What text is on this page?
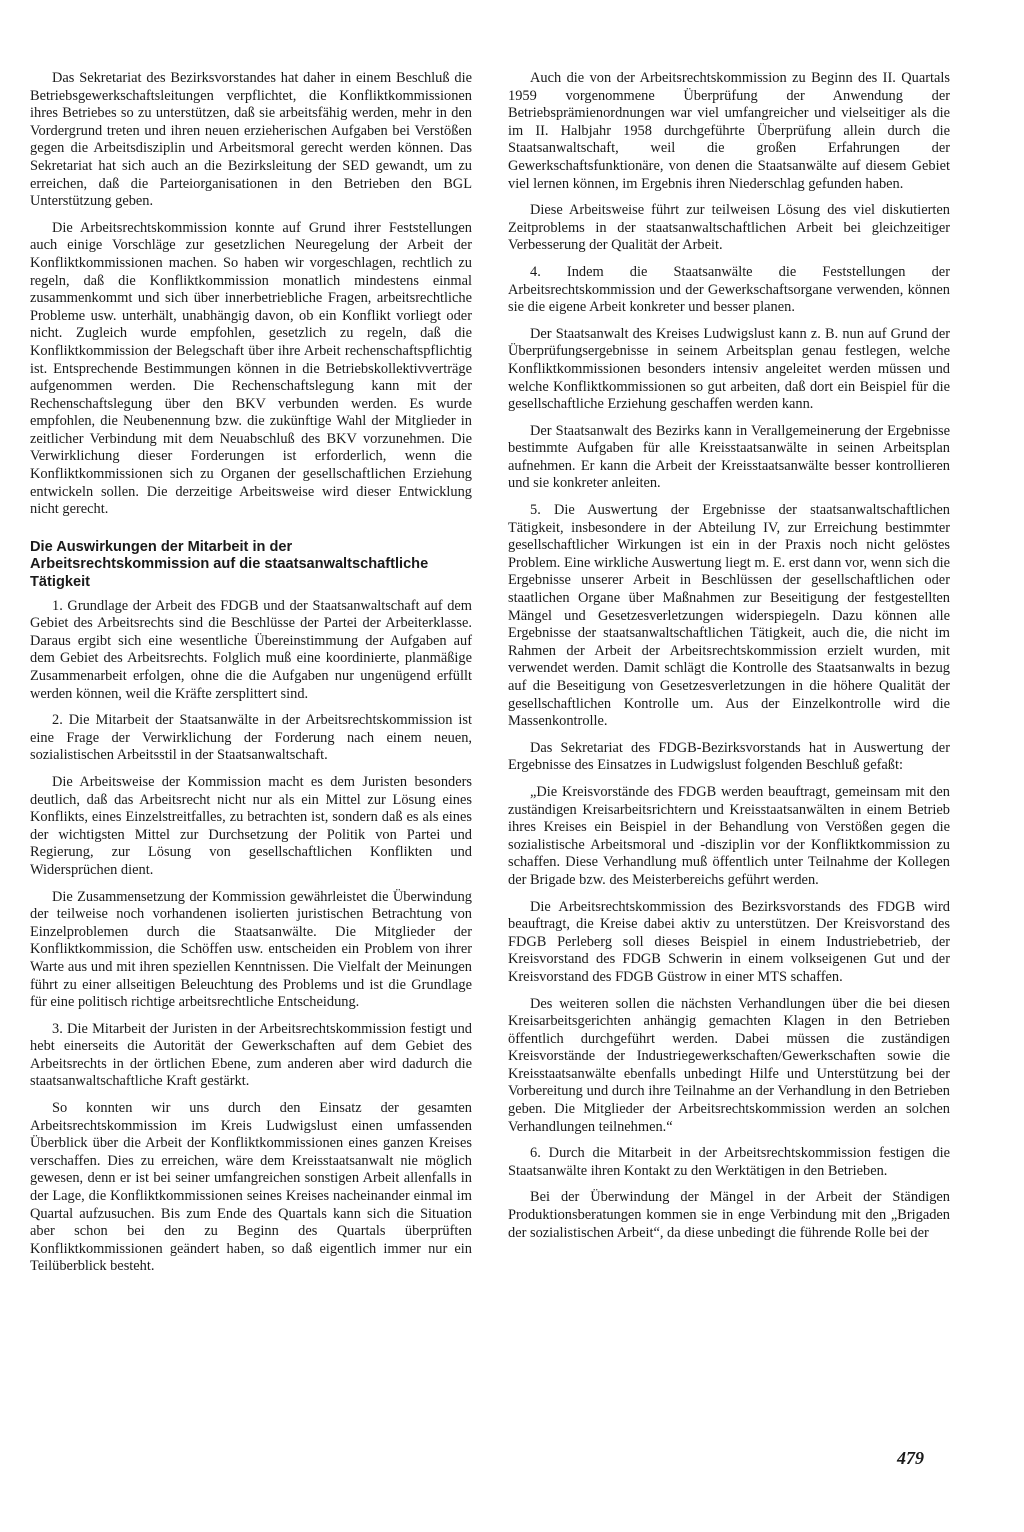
Das Sekretariat des Bezirksvorstandes hat daher in einem Beschluß die Betriebsgewerkschaftsleitungen verpflichtet, die Konfliktkommissionen ihres Betriebes so zu unterstützen, daß sie arbeitsfähig werden, mehr in den Vordergrund treten und ihren neuen erzieherischen Aufgaben bei Verstößen gegen die Arbeitsdisziplin und Arbeitsmoral gerecht werden können. Das Sekretariat hat sich auch an die Bezirksleitung der SED gewandt, um zu erreichen, daß die Parteiorganisationen in den Betrieben den BGL Unterstützung geben.

Die Arbeitsrechtskommission konnte auf Grund ihrer Feststellungen auch einige Vorschläge zur gesetzlichen Neuregelung der Arbeit der Konfliktkommissionen machen. So haben wir vorgeschlagen, rechtlich zu regeln, daß die Konfliktkommission monatlich mindestens einmal zusammenkommt und sich über innerbetriebliche Fragen, arbeitsrechtliche Probleme usw. unterhält, unabhängig davon, ob ein Konflikt vorliegt oder nicht. Zugleich wurde empfohlen, gesetzlich zu regeln, daß die Konfliktkommission der Belegschaft über ihre Arbeit rechenschaftspflichtig ist. Entsprechende Bestimmungen können in die Betriebskollektivverträge aufgenommen werden. Die Rechenschaftslegung kann mit der Rechenschaftslegung über den BKV verbunden werden. Es wurde empfohlen, die Neubenennung bzw. die zukünftige Wahl der Mitglieder in zeitlicher Verbindung mit dem Neuabschluß des BKV vorzunehmen. Die Verwirklichung dieser Forderungen ist erforderlich, wenn die Konfliktkommissionen sich zu Organen der gesellschaftlichen Erziehung entwickeln sollen. Die derzeitige Arbeitsweise wird dieser Entwicklung nicht gerecht.

Die Auswirkungen der Mitarbeit in der Arbeitsrechtskommission auf die staatsanwaltschaftliche Tätigkeit

1. Grundlage der Arbeit des FDGB und der Staatsanwaltschaft auf dem Gebiet des Arbeitsrechts sind die Beschlüsse der Partei der Arbeiterklasse. Daraus ergibt sich eine wesentliche Übereinstimmung der Aufgaben auf dem Gebiet des Arbeitsrechts. Folglich muß eine koordinierte, planmäßige Zusammenarbeit erfolgen, ohne die die Aufgaben nur ungenügend erfüllt werden können, weil die Kräfte zersplittert sind.

2. Die Mitarbeit der Staatsanwälte in der Arbeitsrechtskommission ist eine Frage der Verwirklichung der Forderung nach einem neuen, sozialistischen Arbeitsstil in der Staatsanwaltschaft.

Die Arbeitsweise der Kommission macht es dem Juristen besonders deutlich, daß das Arbeitsrecht nicht nur als ein Mittel zur Lösung eines Konflikts, eines Einzelstreitfalles, zu betrachten ist, sondern daß es als eines der wichtigsten Mittel zur Durchsetzung der Politik von Partei und Regierung, zur Lösung von gesellschaftlichen Konflikten und Widersprüchen dient.

Die Zusammensetzung der Kommission gewährleistet die Überwindung der teilweise noch vorhandenen isolierten juristischen Betrachtung von Einzelproblemen durch die Staatsanwälte. Die Mitglieder der Konfliktkommission, die Schöffen usw. entscheiden ein Problem von ihrer Warte aus und mit ihren speziellen Kenntnissen. Die Vielfalt der Meinungen führt zu einer allseitigen Beleuchtung des Problems und ist die Grundlage für eine politisch richtige arbeitsrechtliche Entscheidung.

3. Die Mitarbeit der Juristen in der Arbeitsrechtskommission festigt und hebt einerseits die Autorität der Gewerkschaften auf dem Gebiet des Arbeitsrechts in der örtlichen Ebene, zum anderen aber wird dadurch die staatsanwaltschaftliche Kraft gestärkt.

So konnten wir uns durch den Einsatz der gesamten Arbeitsrechtskommission im Kreis Ludwigslust einen umfassenden Überblick über die Arbeit der Konfliktkommissionen eines ganzen Kreises verschaffen. Dies zu erreichen, wäre dem Kreisstaatsanwalt nie möglich gewesen, denn er ist bei seiner umfangreichen sonstigen Arbeit allenfalls in der Lage, die Konfliktkommissionen seines Kreises nacheinander einmal im Quartal aufzusuchen. Bis zum Ende des Quartals kann sich die Situation aber schon bei den zu Beginn des Quartals überprüften Konfliktkommissionen geändert haben, so daß eigentlich immer nur ein Teilüberblick besteht.

Auch die von der Arbeitsrechtskommission zu Beginn des II. Quartals 1959 vorgenommene Überprüfung der Anwendung der Betriebsprämienordnungen war viel umfangreicher und vielseitiger als die im II. Halbjahr 1958 durchgeführte Überprüfung allein durch die Staatsanwaltschaft, weil die großen Erfahrungen der Gewerkschaftsfunktionäre, von denen die Staatsanwälte auf diesem Gebiet viel lernen können, im Ergebnis ihren Niederschlag gefunden haben.

Diese Arbeitsweise führt zur teilweisen Lösung des viel diskutierten Zeitproblems in der staatsanwaltschaftlichen Arbeit bei gleichzeitiger Verbesserung der Qualität der Arbeit.

4. Indem die Staatsanwälte die Feststellungen der Arbeitsrechtskommission und der Gewerkschaftsorgane verwenden, können sie die eigene Arbeit konkreter und besser planen.

Der Staatsanwalt des Kreises Ludwigslust kann z. B. nun auf Grund der Überprüfungsergebnisse in seinem Arbeitsplan genau festlegen, welche Konfliktkommissionen besonders intensiv angeleitet werden müssen und welche Konfliktkommissionen so gut arbeiten, daß dort ein Beispiel für die gesellschaftliche Erziehung geschaffen werden kann.

Der Staatsanwalt des Bezirks kann in Verallgemeinerung der Ergebnisse bestimmte Aufgaben für alle Kreisstaatsanwälte in seinen Arbeitsplan aufnehmen. Er kann die Arbeit der Kreisstaatsanwälte besser kontrollieren und sie konkreter anleiten.

5. Die Auswertung der Ergebnisse der staatsanwaltschaftlichen Tätigkeit, insbesondere in der Abteilung IV, zur Erreichung bestimmter gesellschaftlicher Wirkungen ist ein in der Praxis noch nicht gelöstes Problem. Eine wirkliche Auswertung liegt m. E. erst dann vor, wenn sich die Ergebnisse unserer Arbeit in Beschlüssen der gesellschaftlichen oder staatlichen Organe über Maßnahmen zur Beseitigung der festgestellten Mängel und Gesetzesverletzungen widerspiegeln. Dazu können alle Ergebnisse der staatsanwaltschaftlichen Tätigkeit, auch die, die nicht im Rahmen der Arbeit der Arbeitsrechtskommission erzielt wurden, mit verwendet werden. Damit schlägt die Kontrolle des Staatsanwalts in bezug auf die Beseitigung von Gesetzesverletzungen in die höhere Qualität der gesellschaftlichen Kontrolle um. Aus der Einzelkontrolle wird die Massenkontrolle.

Das Sekretariat des FDGB-Bezirksvorstands hat in Auswertung der Ergebnisse des Einsatzes in Ludwigslust folgenden Beschluß gefaßt:

„Die Kreisvorstände des FDGB werden beauftragt, gemeinsam mit den zuständigen Kreisarbeitsrichtern und Kreisstaatsanwälten in einem Betrieb ihres Kreises ein Beispiel in der Behandlung von Verstößen gegen die sozialistische Arbeitsmoral und -disziplin vor der Konfliktkommission zu schaffen. Diese Verhandlung muß öffentlich unter Teilnahme der Kollegen der Brigade bzw. des Meisterbereichs geführt werden.

Die Arbeitsrechtskommission des Bezirksvorstands des FDGB wird beauftragt, die Kreise dabei aktiv zu unterstützen. Der Kreisvorstand des FDGB Perleberg soll dieses Beispiel in einem Industriebetrieb, der Kreisvorstand des FDGB Schwerin in einem volkseigenen Gut und der Kreisvorstand des FDGB Güstrow in einer MTS schaffen.

Des weiteren sollen die nächsten Verhandlungen über die bei diesen Kreisarbeitsgerichten anhängig gemachten Klagen in den Betrieben öffentlich durchgeführt werden. Dabei müssen die zuständigen Kreisvorstände der Industriegewerkschaften/Gewerkschaften sowie die Kreisstaatsanwälte ebenfalls unbedingt Hilfe und Unterstützung bei der Vorbereitung und durch ihre Teilnahme an der Verhandlung in den Betrieben geben. Die Mitglieder der Arbeitsrechtskommission werden an solchen Verhandlungen teilnehmen.“

6. Durch die Mitarbeit in der Arbeitsrechtskommission festigen die Staatsanwälte ihren Kontakt zu den Werktätigen in den Betrieben.

Bei der Überwindung der Mängel in der Arbeit der Ständigen Produktionsberatungen kommen sie in enge Verbindung mit den „Brigaden der sozialistischen Arbeit“, da diese unbedingt die führende Rolle bei der

479
